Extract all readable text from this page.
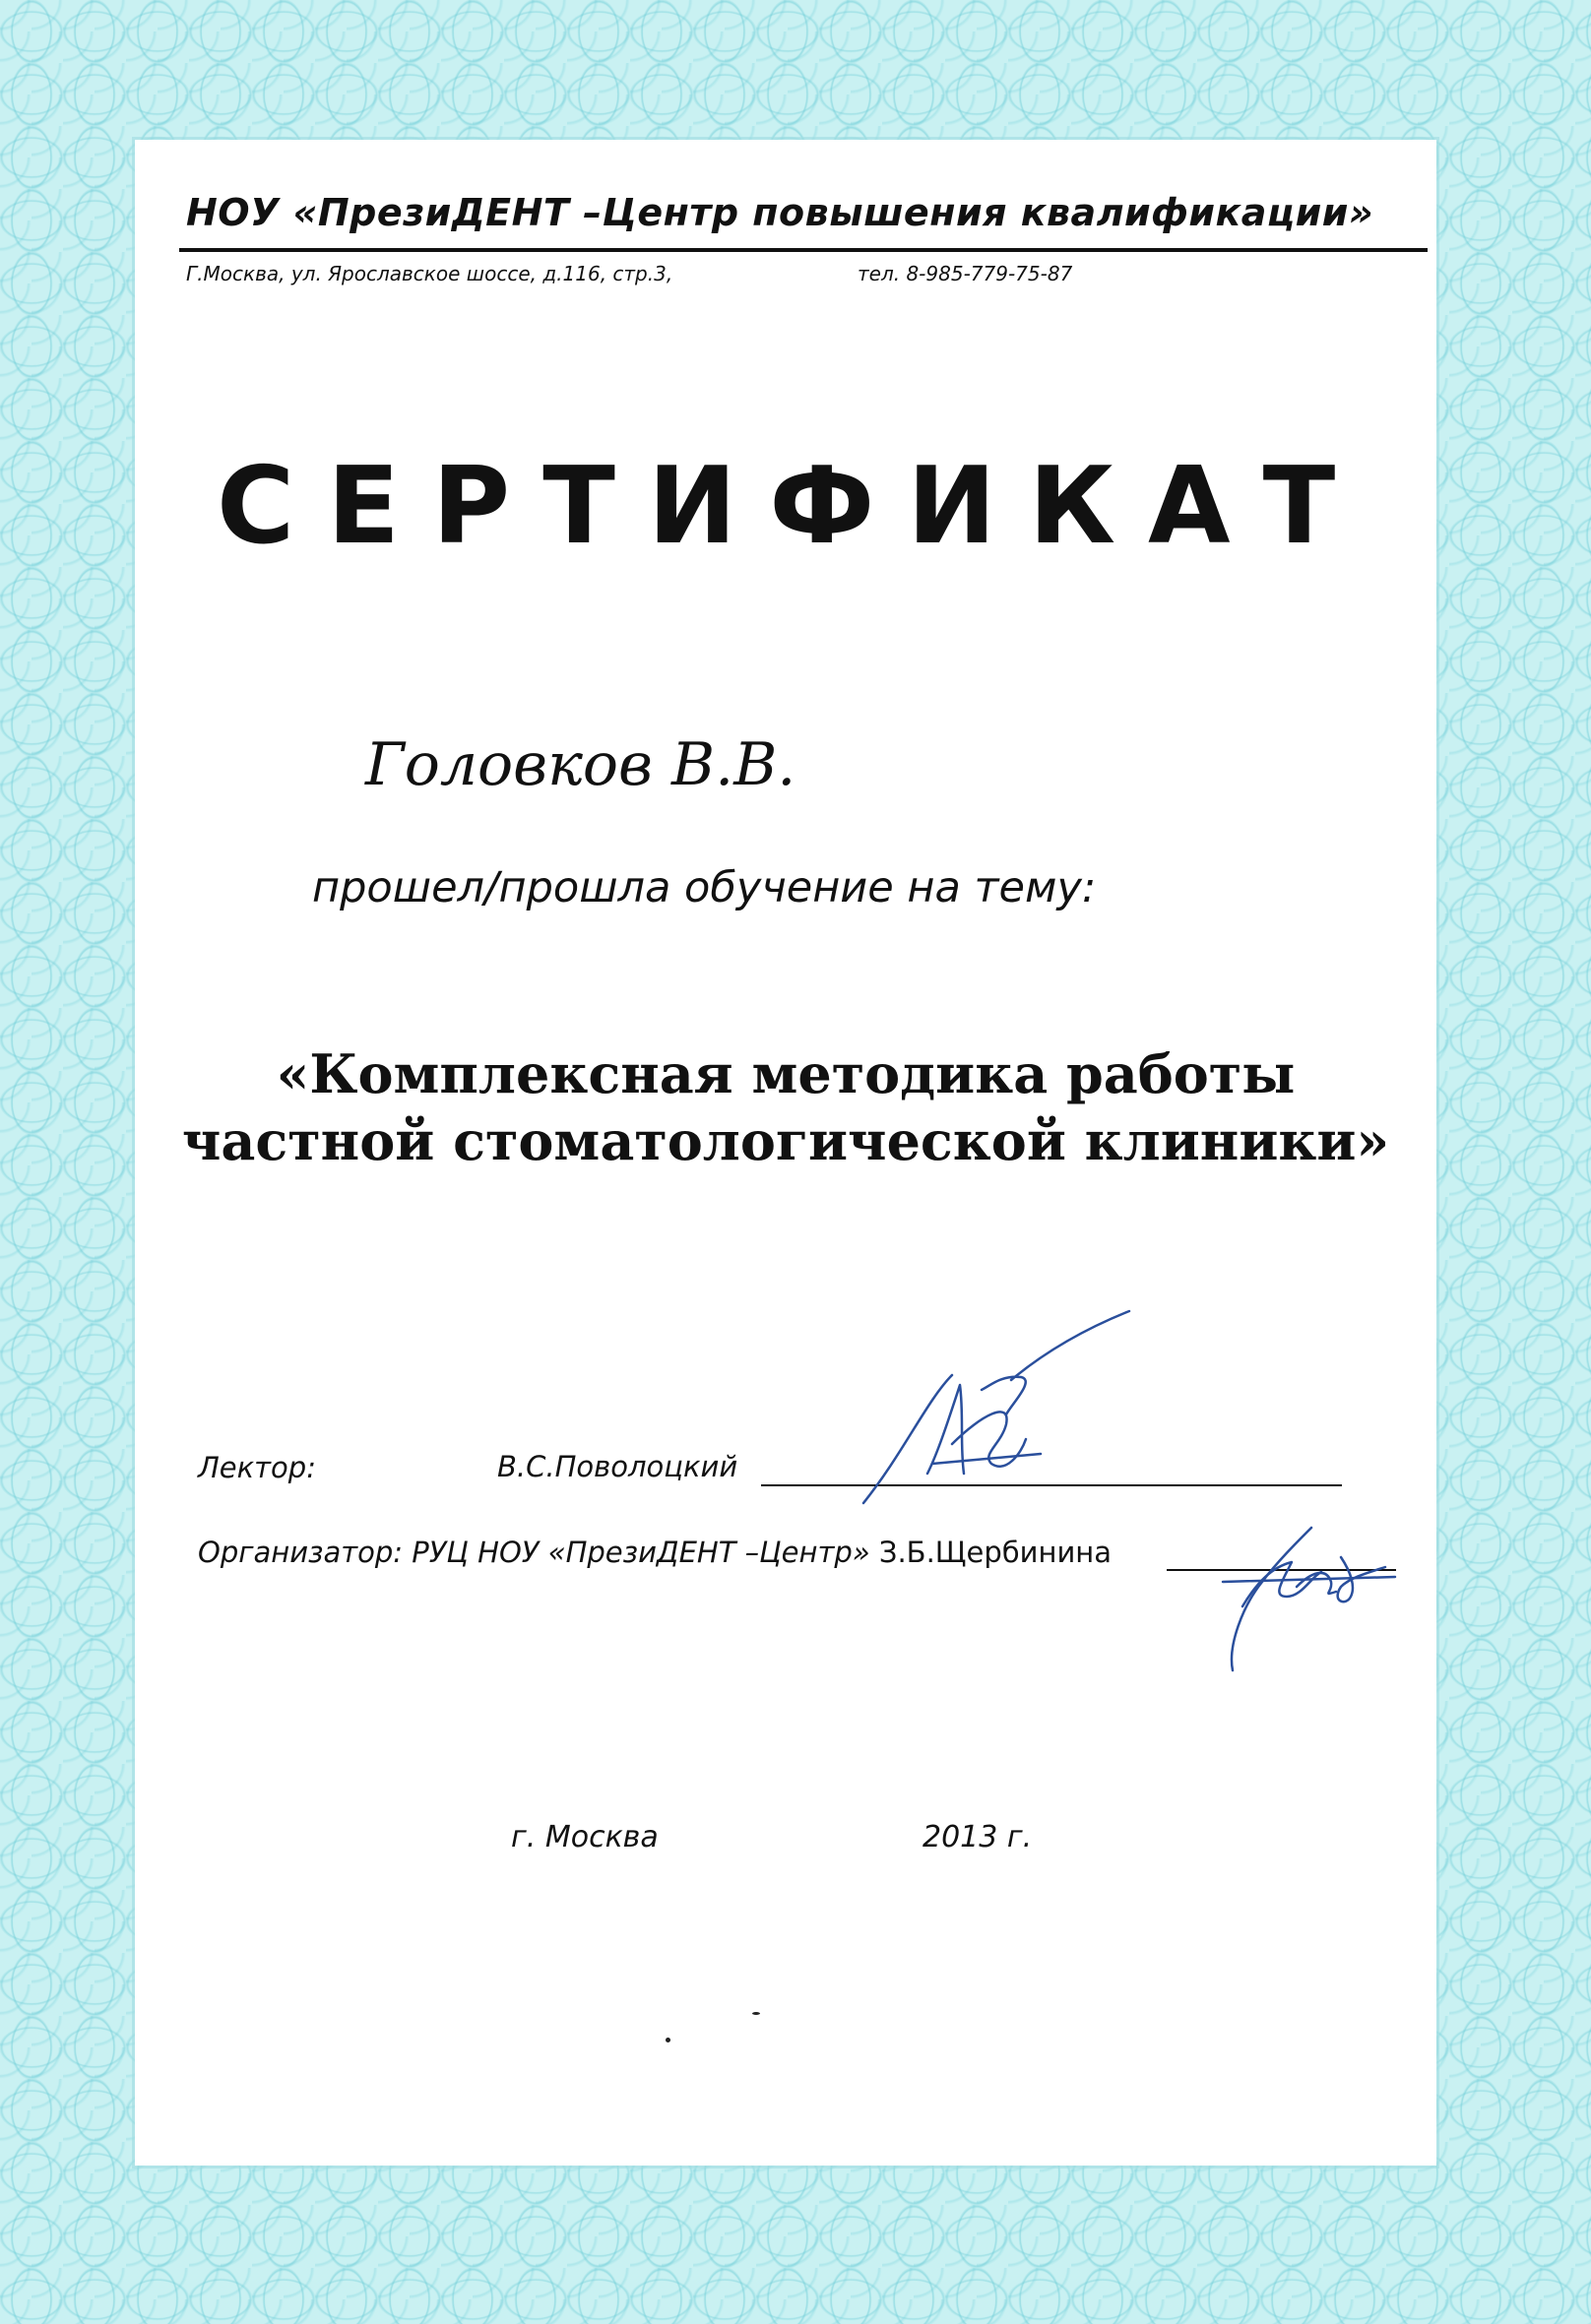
НОУ «ПрезиДЕНТ –Центр повышения квалификации»
Г.Москва, ул. Ярославское шоссе, д.116, стр.3,	тел. 8-985-779-75-87
СЕРТИФИКАТ
Головков В.В.
прошел/прошла обучение на тему:
«Комплексная методика работы частной стоматологической клиники»
Лектор:	В.С.Поволоцкий
Организатор: РУЦ НОУ «ПрезиДЕНТ –Центр» З.Б.Щербинина
г. Москва	2013 г.
